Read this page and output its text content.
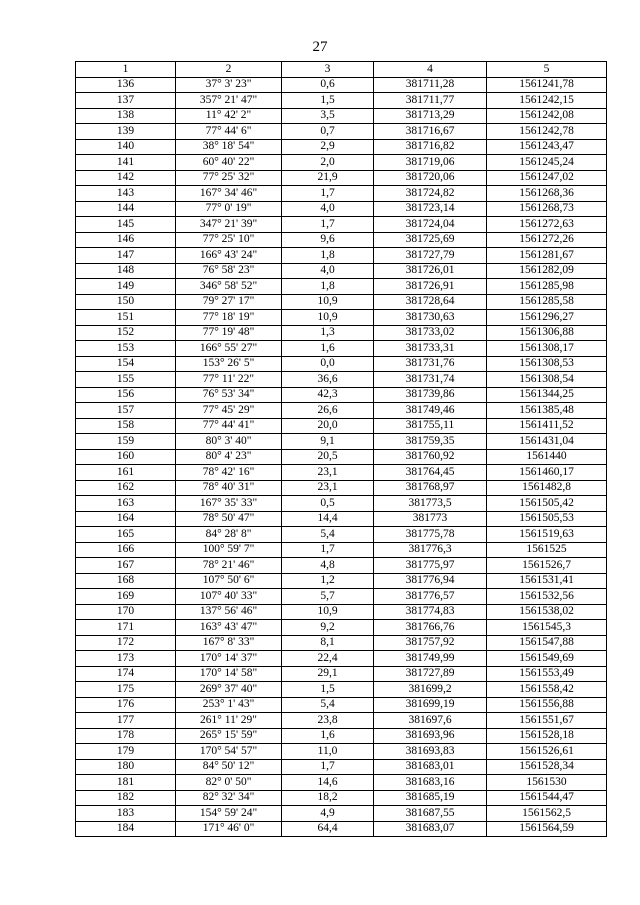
27
1	2	3	4	5
136	37° 3' 23"	0,6	381711,28	1561241,78
137	357° 21' 47"	1,5	381711,77	1561242,15
138	11° 42' 2"	3,5	381713,29	1561242,08
139	77° 44' 6"	0,7	381716,67	1561242,78
140	38° 18' 54"	2,9	381716,82	1561243,47
141	60° 40' 22"	2,0	381719,06	1561245,24
142	77° 25' 32"	21,9	381720,06	1561247,02
143	167° 34' 46"	1,7	381724,82	1561268,36
144	77° 0' 19"	4,0	381723,14	1561268,73
145	347° 21' 39"	1,7	381724,04	1561272,63
146	77° 25' 10"	9,6	381725,69	1561272,26
147	166° 43' 24"	1,8	381727,79	1561281,67
148	76° 58' 23"	4,0	381726,01	1561282,09
149	346° 58' 52"	1,8	381726,91	1561285,98
150	79° 27' 17"	10,9	381728,64	1561285,58
151	77° 18' 19"	10,9	381730,63	1561296,27
152	77° 19' 48"	1,3	381733,02	1561306,88
153	166° 55' 27"	1,6	381733,31	1561308,17
154	153° 26' 5"	0,0	381731,76	1561308,53
155	77° 11' 22"	36,6	381731,74	1561308,54
156	76° 53' 34"	42,3	381739,86	1561344,25
157	77° 45' 29"	26,6	381749,46	1561385,48
158	77° 44' 41"	20,0	381755,11	1561411,52
159	80° 3' 40"	9,1	381759,35	1561431,04
160	80° 4' 23"	20,5	381760,92	1561440
161	78° 42' 16"	23,1	381764,45	1561460,17
162	78° 40' 31"	23,1	381768,97	1561482,8
163	167° 35' 33"	0,5	381773,5	1561505,42
164	78° 50' 47"	14,4	381773	1561505,53
165	84° 28' 8"	5,4	381775,78	1561519,63
166	100° 59' 7"	1,7	381776,3	1561525
167	78° 21' 46"	4,8	381775,97	1561526,7
168	107° 50' 6"	1,2	381776,94	1561531,41
169	107° 40' 33"	5,7	381776,57	1561532,56
170	137° 56' 46"	10,9	381774,83	1561538,02
171	163° 43' 47"	9,2	381766,76	1561545,3
172	167° 8' 33"	8,1	381757,92	1561547,88
173	170° 14' 37"	22,4	381749,99	1561549,69
174	170° 14' 58"	29,1	381727,89	1561553,49
175	269° 37' 40"	1,5	381699,2	1561558,42
176	253° 1' 43"	5,4	381699,19	1561556,88
177	261° 11' 29"	23,8	381697,6	1561551,67
178	265° 15' 59"	1,6	381693,96	1561528,18
179	170° 54' 57"	11,0	381693,83	1561526,61
180	84° 50' 12"	1,7	381683,01	1561528,34
181	82° 0' 50"	14,6	381683,16	1561530
182	82° 32' 34"	18,2	381685,19	1561544,47
183	154° 59' 24"	4,9	381687,55	1561562,5
184	171° 46' 0"	64,4	381683,07	1561564,59
